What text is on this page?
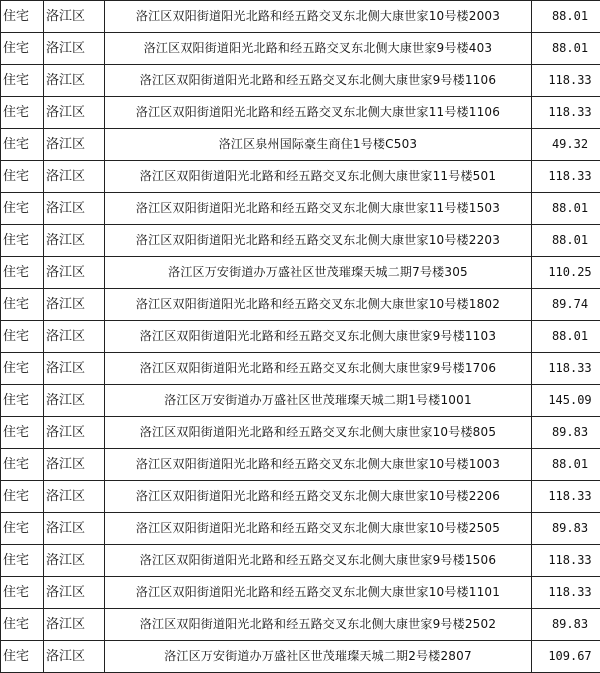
住宅	洛江区	洛江区双阳街道阳光北路和经五路交叉东北侧大康世家10号楼2003	88.01
住宅	洛江区	洛江区双阳街道阳光北路和经五路交叉东北侧大康世家9号楼403	88.01
住宅	洛江区	洛江区双阳街道阳光北路和经五路交叉东北侧大康世家9号楼1106	118.33
住宅	洛江区	洛江区双阳街道阳光北路和经五路交叉东北侧大康世家11号楼1106	118.33
住宅	洛江区	洛江区泉州国际豪生商住1号楼C503	49.32
住宅	洛江区	洛江区双阳街道阳光北路和经五路交叉东北侧大康世家11号楼501	118.33
住宅	洛江区	洛江区双阳街道阳光北路和经五路交叉东北侧大康世家11号楼1503	88.01
住宅	洛江区	洛江区双阳街道阳光北路和经五路交叉东北侧大康世家10号楼2203	88.01
住宅	洛江区	洛江区万安街道办万盛社区世茂璀璨天城二期7号楼305	110.25
住宅	洛江区	洛江区双阳街道阳光北路和经五路交叉东北侧大康世家10号楼1802	89.74
住宅	洛江区	洛江区双阳街道阳光北路和经五路交叉东北侧大康世家9号楼1103	88.01
住宅	洛江区	洛江区双阳街道阳光北路和经五路交叉东北侧大康世家9号楼1706	118.33
住宅	洛江区	洛江区万安街道办万盛社区世茂璀璨天城二期1号楼1001	145.09
住宅	洛江区	洛江区双阳街道阳光北路和经五路交叉东北侧大康世家10号楼805	89.83
住宅	洛江区	洛江区双阳街道阳光北路和经五路交叉东北侧大康世家10号楼1003	88.01
住宅	洛江区	洛江区双阳街道阳光北路和经五路交叉东北侧大康世家10号楼2206	118.33
住宅	洛江区	洛江区双阳街道阳光北路和经五路交叉东北侧大康世家10号楼2505	89.83
住宅	洛江区	洛江区双阳街道阳光北路和经五路交叉东北侧大康世家9号楼1506	118.33
住宅	洛江区	洛江区双阳街道阳光北路和经五路交叉东北侧大康世家10号楼1101	118.33
住宅	洛江区	洛江区双阳街道阳光北路和经五路交叉东北侧大康世家9号楼2502	89.83
住宅	洛江区	洛江区万安街道办万盛社区世茂璀璨天城二期2号楼2807	109.67
